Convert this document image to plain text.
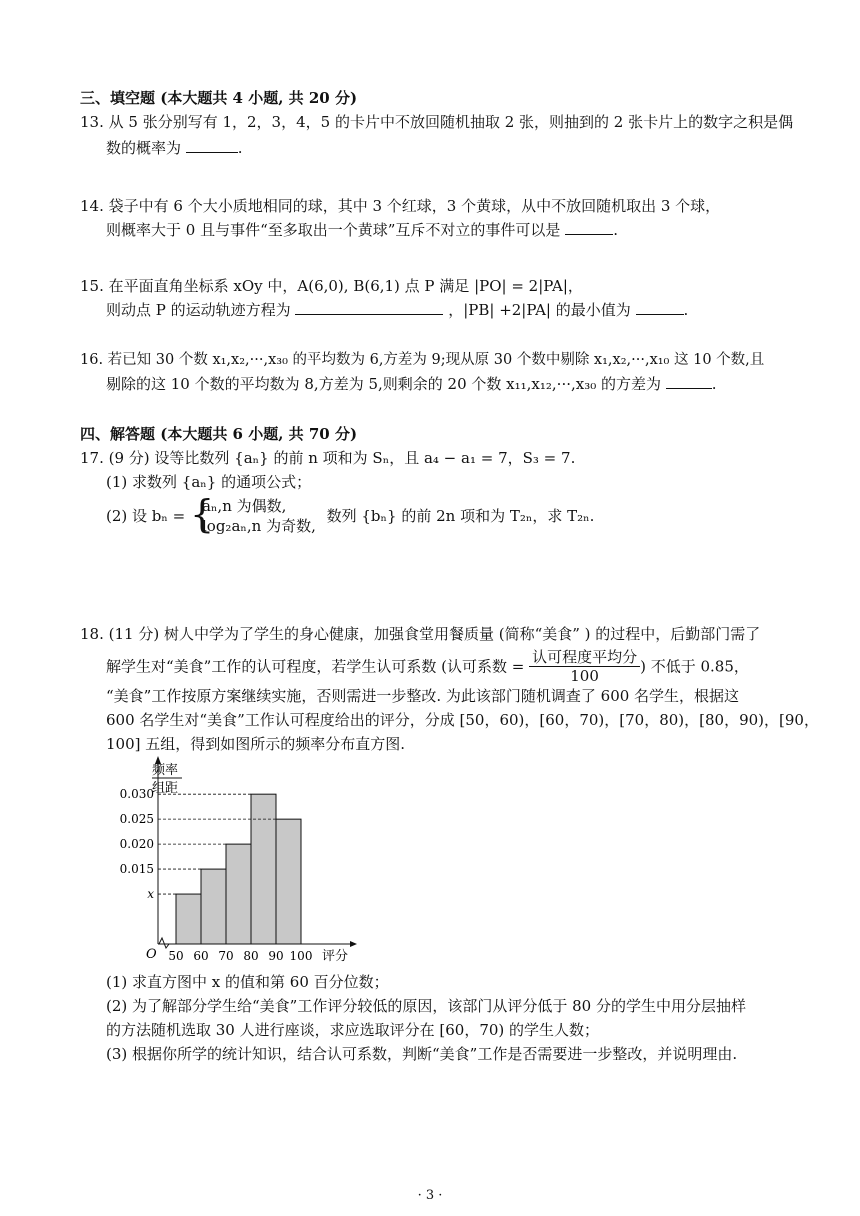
三、填空题 (本大题共 4 小题, 共 20 分)
13. 从 5 张分别写有 1，2，3，4，5 的卡片中不放回随机抽取 2 张，则抽到的 2 张卡片上的数字之积是偶
数的概率为	.
14. 袋子中有 6 个大小质地相同的球，其中 3 个红球，3 个黄球，从中不放回随机取出 3 个球，
则概率大于 0 且与事件“至多取出一个黄球”互斥不对立的事件可以是	.
15. 在平面直角坐标系 xOy 中，A(6,0), B(6,1) 点 P 满足 |PO| = 2|PA|，
则动点 P 的运动轨迹方程为	，|PB| +2|PA| 的最小值为	.
16. 若已知 30 个数 x₁,x₂,···,x₃₀ 的平均数为 6,方差为 9;现从原 30 个数中剔除 x₁,x₂,···,x₁₀ 这 10 个数,且
剔除的这 10 个数的平均数为 8,方差为 5,则剩余的 20 个数 x₁₁,x₁₂,···,x₃₀ 的方差为	.
四、解答题 (本大题共 6 小题, 共 70 分)
17. (9 分) 设等比数列 {aₙ} 的前 n 项和为 Sₙ，且 a₄ − a₁ = 7，S₃ = 7.
(1) 求数列 {aₙ} 的通项公式；
(2) 设 bₙ = {
aₙ,n 为偶数,
log₂aₙ,n 为奇数,
数列 {bₙ} 的前 2n 项和为 T₂ₙ，求 T₂ₙ.
18. (11 分) 树人中学为了学生的身心健康，加强食堂用餐质量 (简称“美食” ) 的过程中，后勤部门需了
解学生对“美食”工作的认可程度，若学生认可系数 (认可系数 = $\frac{\text{认可程度平均分}}{100}$ ) 不低于 0.85，
“美食”工作按原方案继续实施，否则需进一步整改. 为此该部门随机调查了 600 名学生，根据这
600 名学生对“美食”工作认可程度给出的评分，分成 [50，60)，[60，70)，[70，80)，[80，90)，[90，
100] 五组，得到如图所示的频率分布直方图.
x
0.015
0.020
0.025
0.030
50 60 70 80 90 100
O	评分
频率
组距
(1) 求直方图中 x 的值和第 60 百分位数；
(2) 为了解部分学生给“美食”工作评分较低的原因，该部门从评分低于 80 分的学生中用分层抽样
的方法随机选取 30 人进行座谈，求应选取评分在 [60，70) 的学生人数；
(3) 根据你所学的统计知识，结合认可系数，判断“美食”工作是否需要进一步整改，并说明理由.
· 3 ·
